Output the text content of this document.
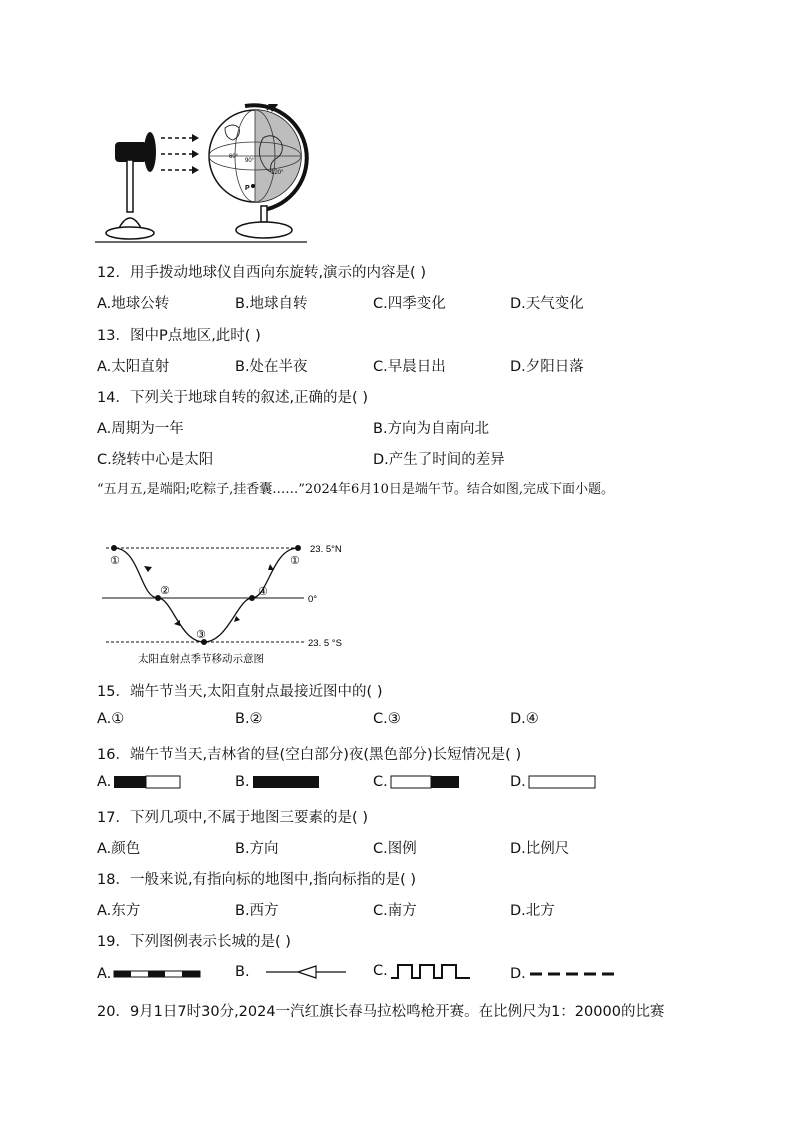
60°
90°
120°
P
12．用手拨动地球仪自西向东旋转,演示的内容是( )
A.地球公转	B.地球自转	C.四季变化	D.天气变化
13．图中P点地区,此时( )
A.太阳直射	B.处在半夜	C.早晨日出	D.夕阳日落
14．下列关于地球自转的叙述,正确的是( )
A.周期为一年	B.方向为自南向北
C.绕转中心是太阳	D.产生了时间的差异
“五月五,是端阳;吃粽子,挂香囊……”2024年6月10日是端午节。结合如图,完成下面小题。
①
②
③
④
①
23. 5°N
0°
23. 5 °S
太阳直射点季节移动示意图
15．端午节当天,太阳直射点最接近图中的( )
A.①	B.②	C.③	D.④
16．端午节当天,吉林省的昼(空白部分)夜(黑色部分)长短情况是( )
A.	B.	C.	D.
17．下列几项中,不属于地图三要素的是( )
A.颜色	B.方向	C.图例	D.比例尺
18．一般来说,有指向标的地图中,指向标指的是( )
A.东方	B.西方	C.南方	D.北方
19．下列图例表示长城的是( )
A.	B.	C.	D.
20．9月1日7时30分,2024一汽红旗长春马拉松鸣枪开赛。在比例尺为1：20000的比赛
